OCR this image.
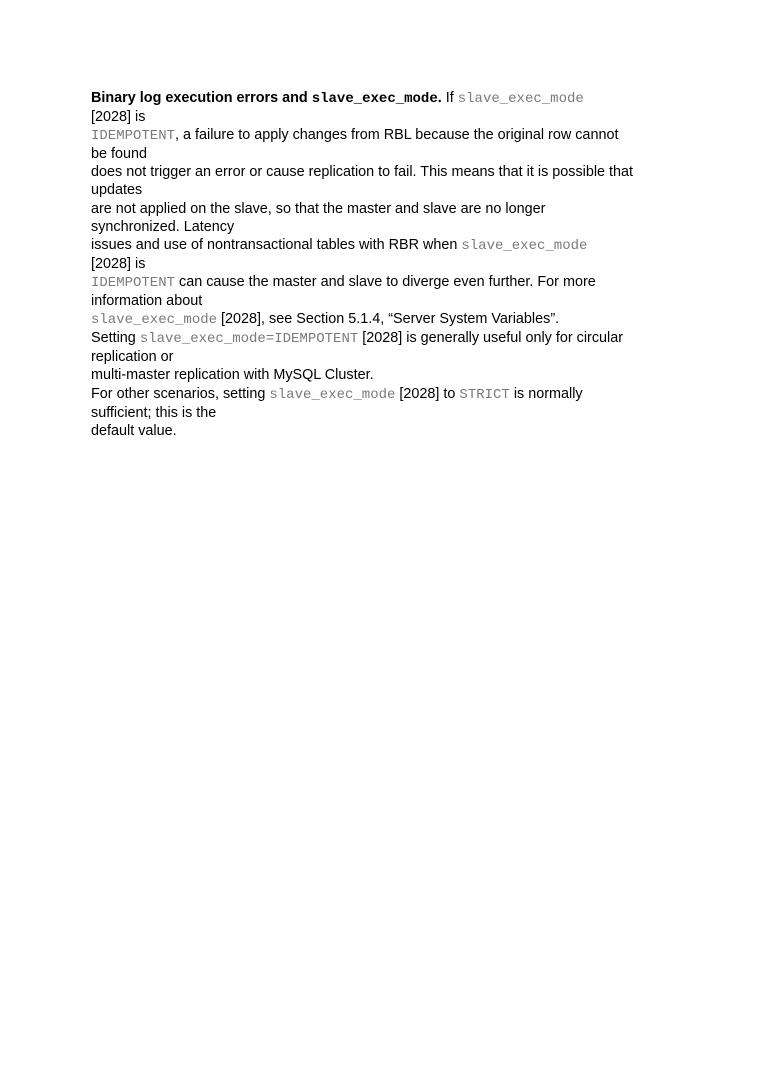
Binary log execution errors and slave_exec_mode. If slave_exec_mode
[2028] is
IDEMPOTENT, a failure to apply changes from RBL because the original row cannot
be found
does not trigger an error or cause replication to fail. This means that it is possible that
updates
are not applied on the slave, so that the master and slave are no longer
synchronized. Latency
issues and use of nontransactional tables with RBR when slave_exec_mode
[2028] is
IDEMPOTENT can cause the master and slave to diverge even further. For more
information about
slave_exec_mode [2028], see Section 5.1.4, “Server System Variables”.
Setting slave_exec_mode=IDEMPOTENT [2028] is generally useful only for circular
replication or
multi-master replication with MySQL Cluster.
For other scenarios, setting slave_exec_mode [2028] to STRICT is normally
sufficient; this is the
default value.
